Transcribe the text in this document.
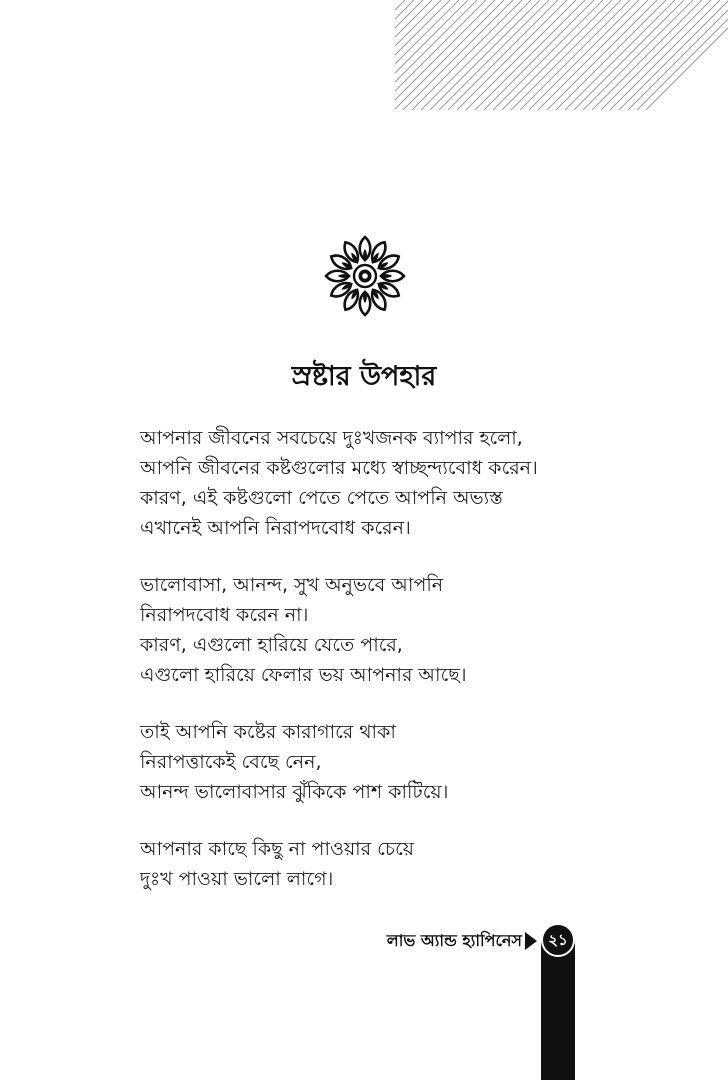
স্রষ্টার উপহার
আপনার জীবনের সবচেয়ে দুঃখজনক ব্যাপার হলো,
আপনি জীবনের কষ্টগুলোর মধ্যে স্বাচ্ছন্দ্যবোধ করেন।
কারণ, এই কষ্টগুলো পেতে পেতে আপনি অভ্যস্ত
এখানেই আপনি নিরাপদবোধ করেন।
ভালোবাসা, আনন্দ, সুখ অনুভবে আপনি
নিরাপদবোধ করেন না।
কারণ, এগুলো হারিয়ে যেতে পারে,
এগুলো হারিয়ে ফেলার ভয় আপনার আছে।
তাই আপনি কষ্টের কারাগারে থাকা
নিরাপত্তাকেই বেছে নেন,
আনন্দ ভালোবাসার ঝুঁকিকে পাশ কাটিয়ে।
আপনার কাছে কিছু না পাওয়ার চেয়ে
দুঃখ পাওয়া ভালো লাগে।
লাভ অ্যান্ড হ্যাপিনেস	২১
